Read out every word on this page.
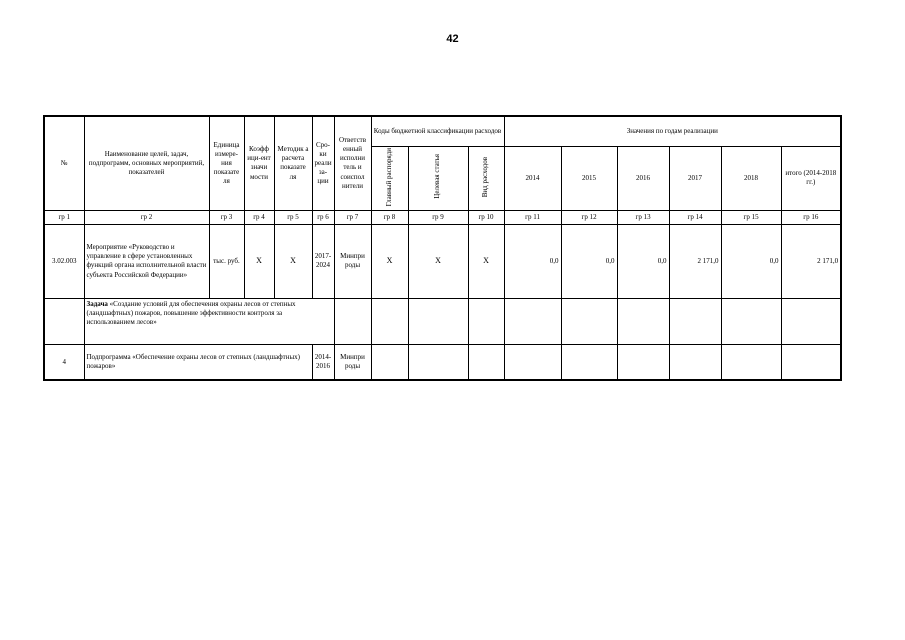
42
№	Наименование целей, задач, подпрограмм, основных мероприятий, показателей	Единица измере-ния показате ля	Коэфф ици-ент значи мости	Методик а расчета показате ля	Сро-ки реали за-ции	Ответств енный исполни тель и соиспол нители	Коды бюджетной классификации расходов			Значения по годам реализации					
							Главный распоряди	Целевая статья	Вид расходов	2014	2015	2016	2017	2018	итого (2014-2018 гг.)
гр 1	гр 2	гр 3	гр 4	гр 5	гр 6	гр 7	гр 8	гр 9	гр 10	гр 11	гр 12	гр 13	гр 14	гр 15	гр 16
3.02.003	Мероприятие «Руководство и управление в сфере установленных функций органа исполнительной власти субъекта Российской Федерации»	тыс. руб.	X	X	2017-2024	Минпри роды	X	X	X	0,0	0,0	0,0	2 171,0	0,0	2 171,0
	Задача «Создание условий для обеспечения охраны лесов от степных (ландшафтных) пожаров, повышение эффективности контроля за использованием лесов»														
4	Подпрограмма «Обеспечение охраны лесов от степных (ландшафтных) пожаров»				2014-2016	Минпри роды									
